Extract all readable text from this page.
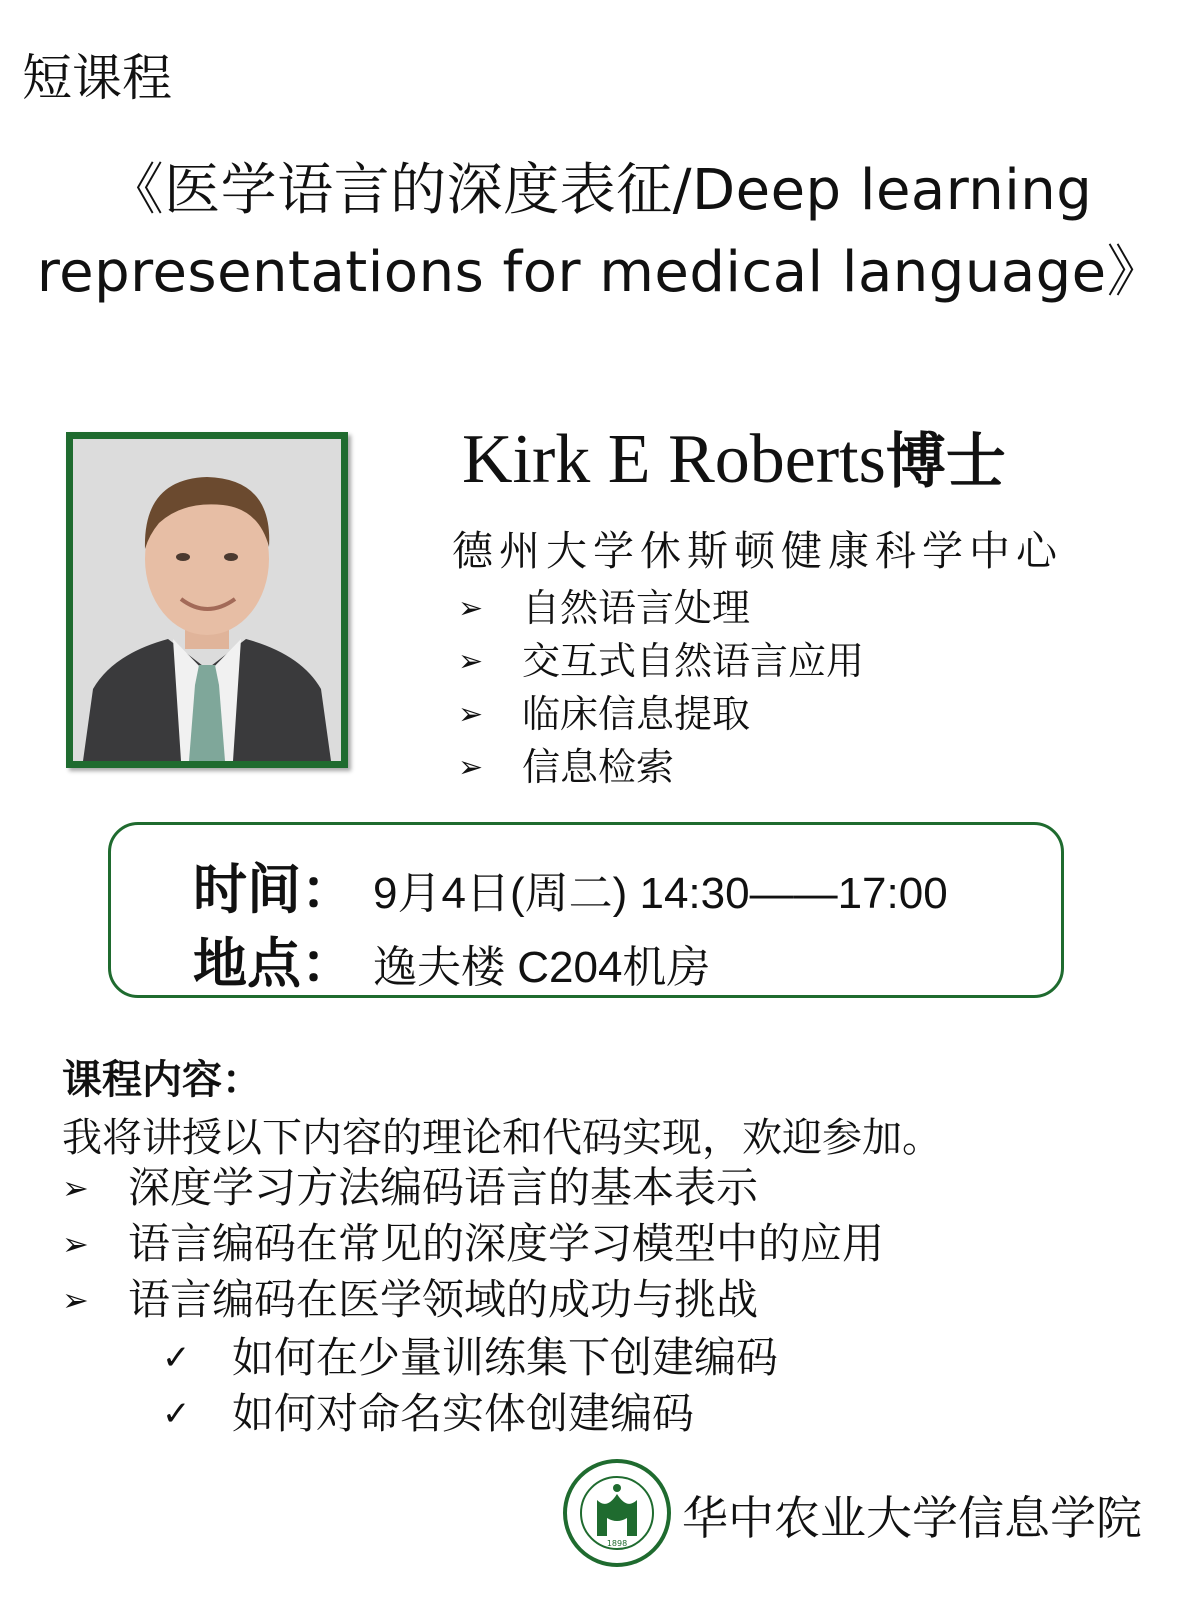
短课程
《医学语言的深度表征/Deep learning
representations for medical language》
Kirk E Roberts博士
德州大学休斯顿健康科学中心
➢	自然语言处理
➢	交互式自然语言应用
➢	临床信息提取
➢	信息检索
时间： 9月4日(周二) 14:30——17:00
地点： 逸夫楼 C204机房
课程内容：
我将讲授以下内容的理论和代码实现，欢迎参加。
➢ 深度学习方法编码语言的基本表示
➢ 语言编码在常见的深度学习模型中的应用
➢ 语言编码在医学领域的成功与挑战
✓ 如何在少量训练集下创建编码
✓ 如何对命名实体创建编码
1898 华中农业大学信息学院
